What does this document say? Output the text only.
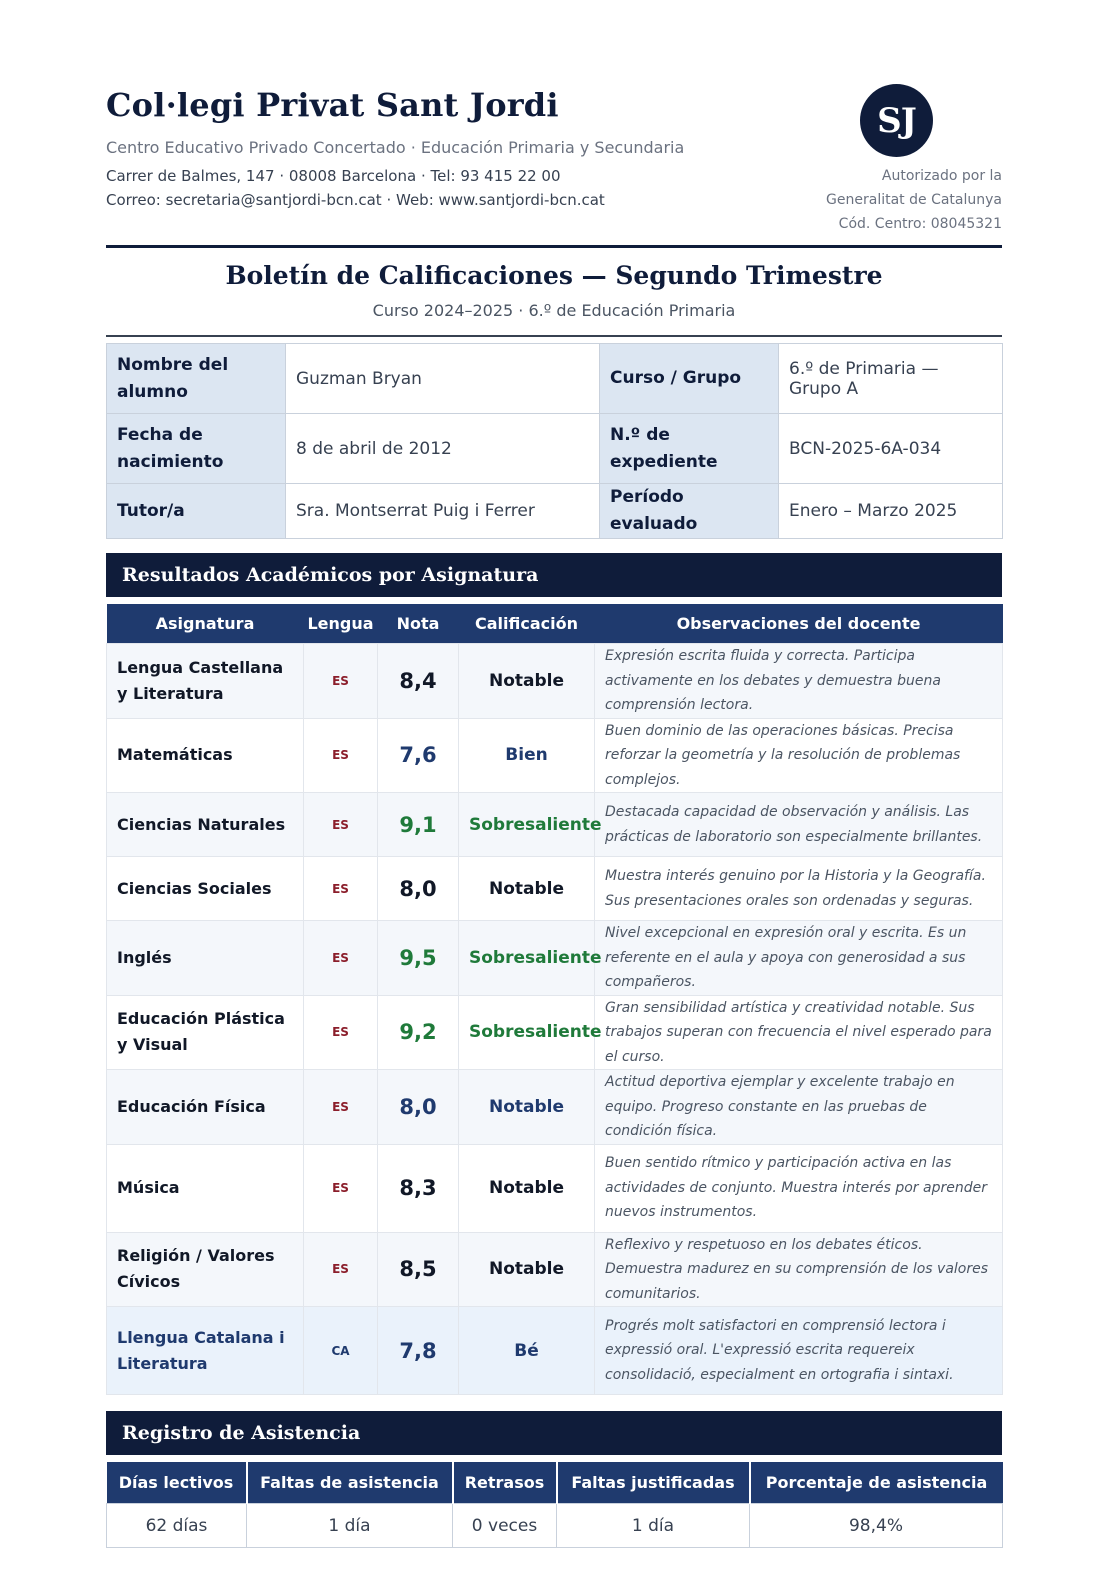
Col·legi Privat Sant Jordi
Centro Educativo Privado Concertado · Educación Primaria y Secundaria
Carrer de Balmes, 147 · 08008 Barcelona · Tel: 93 415 22 00
Correo: secretaria@santjordi-bcn.cat · Web: www.santjordi-bcn.cat
SJ
Autorizado por la
Generalitat de Catalunya
Cód. Centro: 08045321
Boletín de Calificaciones — Segundo Trimestre
Curso 2024–2025 · 6.º de Educación Primaria
Nombre del alumno	Guzman Bryan	Curso / Grupo	6.º de Primaria — Grupo A
Fecha de nacimiento	8 de abril de 2012	N.º de expediente	BCN-2025-6A-034
Tutor/a	Sra. Montserrat Puig i Ferrer	Período evaluado	Enero – Marzo 2025
Resultados Académicos por Asignatura
Asignatura	Lengua	Nota	Calificación	Observaciones del docente
Lengua Castellana y Literatura	ES	8,4	Notable	Expresión escrita fluida y correcta. Participa activamente en los debates y demuestra buena comprensión lectora.
Matemáticas	ES	7,6	Bien	Buen dominio de las operaciones básicas. Precisa reforzar la geometría y la resolución de problemas complejos.
Ciencias Naturales	ES	9,1	Sobresaliente	Destacada capacidad de observación y análisis. Las prácticas de laboratorio son especialmente brillantes.
Ciencias Sociales	ES	8,0	Notable	Muestra interés genuino por la Historia y la Geografía. Sus presentaciones orales son ordenadas y seguras.
Inglés	ES	9,5	Sobresaliente	Nivel excepcional en expresión oral y escrita. Es un referente en el aula y apoya con generosidad a sus compañeros.
Educación Plástica y Visual	ES	9,2	Sobresaliente	Gran sensibilidad artística y creatividad notable. Sus trabajos superan con frecuencia el nivel esperado para el curso.
Educación Física	ES	8,0	Notable	Actitud deportiva ejemplar y excelente trabajo en equipo. Progreso constante en las pruebas de condición física.
Música	ES	8,3	Notable	Buen sentido rítmico y participación activa en las actividades de conjunto. Muestra interés por aprender nuevos instrumentos.
Religión / Valores Cívicos	ES	8,5	Notable	Reflexivo y respetuoso en los debates éticos. Demuestra madurez en su comprensión de los valores comunitarios.
Llengua Catalana i Literatura	CA	7,8	Bé	Progrés molt satisfactori en comprensió lectora i expressió oral. L'expressió escrita requereix consolidació, especialment en ortografia i sintaxi.
Registro de Asistencia
Días lectivos	Faltas de asistencia	Retrasos	Faltas justificadas	Porcentaje de asistencia
62 días	1 día	0 veces	1 día	98,4%
